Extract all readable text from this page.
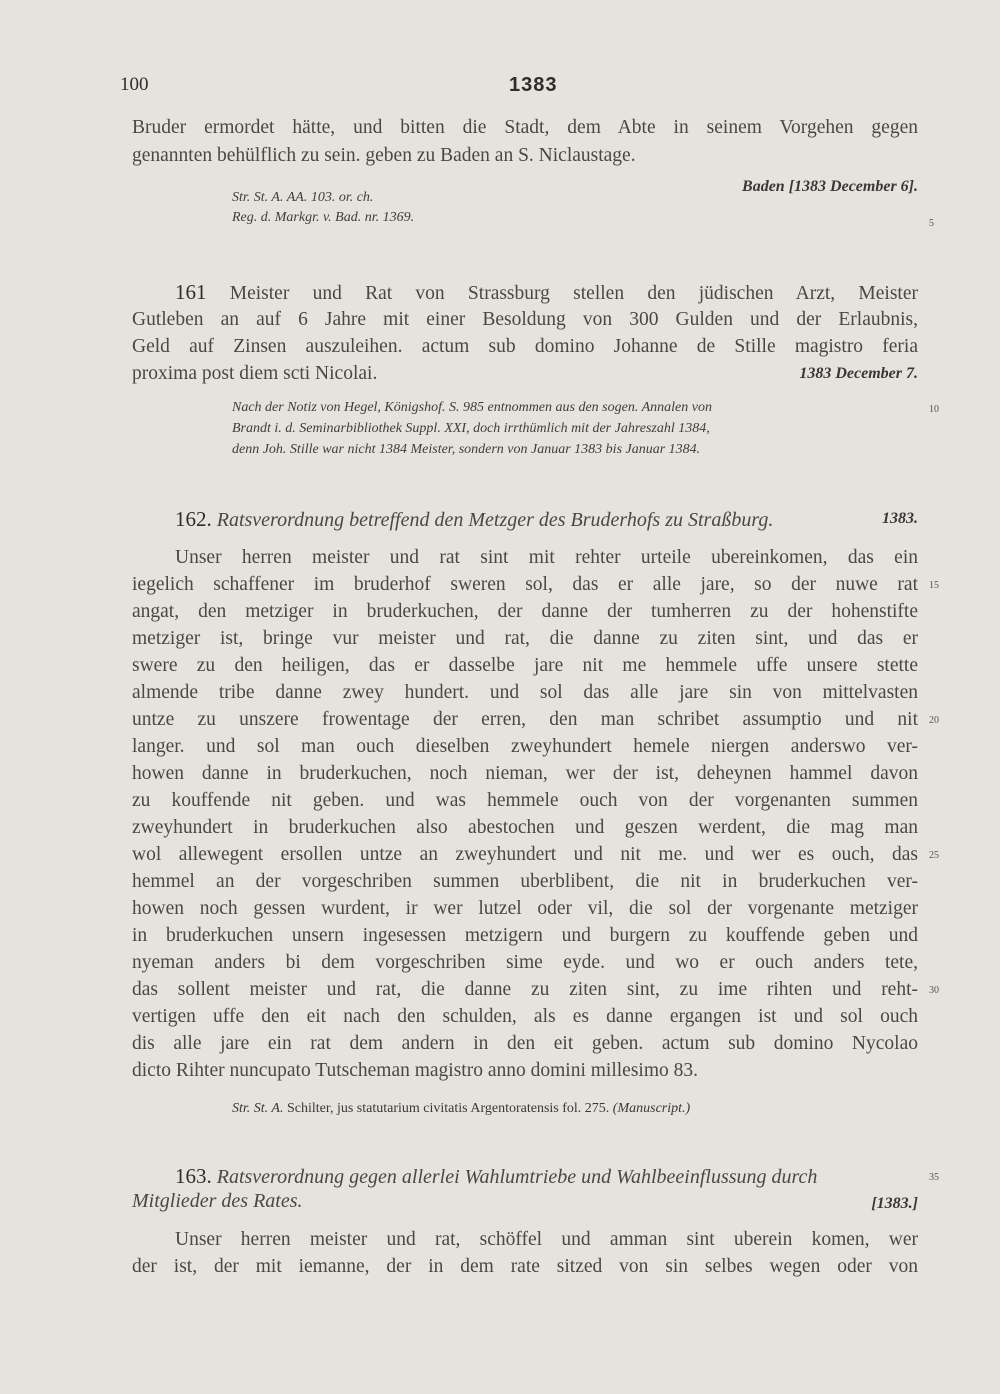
100	1383
Bruder ermordet hätte, und bitten die Stadt, dem Abte in seinem Vorgehen gegen
genannten behülflich zu sein. geben zu Baden an S. Niclaustage.
Baden [1383 December 6].
Str. St. A. AA. 103. or. ch.
Reg. d. Markgr. v. Bad. nr. 1369.	5
161 Meister und Rat von Strassburg stellen den jüdischen Arzt, Meister
Gutleben an auf 6 Jahre mit einer Besoldung von 300 Gulden und der Erlaubnis,
Geld auf Zinsen auszuleihen. actum sub domino Johanne de Stille magistro feria
proxima post diem scti Nicolai.	1383 December 7.
Nach der Notiz von Hegel, Königshof. S. 985 entnommen aus den sogen. Annalen von
Brandt i. d. Seminarbibliothek Suppl. XXI, doch irrthümlich mit der Jahreszahl 1384,
denn Joh. Stille war nicht 1384 Meister, sondern von Januar 1383 bis Januar 1384.
10
162. Ratsverordnung betreffend den Metzger des Bruderhofs zu Straßburg.	1383.
Unser herren meister und rat sint mit rehter urteile ubereinkomen, das ein
iegelich schaffener im bruderhof sweren sol, das er alle jare, so der nuwe rat
angat, den metziger in bruderkuchen, der danne der tumherren zu der hohenstifte
metziger ist, bringe vur meister und rat, die danne zu ziten sint, und das er
swere zu den heiligen, das er dasselbe jare nit me hemmele uffe unsere stette
almende tribe danne zwey hundert. und sol das alle jare sin von mittelvasten
untze zu unszere frowentage der erren, den man schribet assumptio und nit
langer. und sol man ouch dieselben zweyhundert hemele niergen anderswo ver-
howen danne in bruderkuchen, noch nieman, wer der ist, deheynen hammel davon
zu kouffende nit geben. und was hemmele ouch von der vorgenanten summen
zweyhundert in bruderkuchen also abestochen und geszen werdent, die mag man
wol allewegent ersollen untze an zweyhundert und nit me. und wer es ouch, das
hemmel an der vorgeschriben summen uberblibent, die nit in bruderkuchen ver-
howen noch gessen wurdent, ir wer lutzel oder vil, die sol der vorgenante metziger
in bruderkuchen unsern ingesessen metzigern und burgern zu kouffende geben und
nyeman anders bi dem vorgeschriben sime eyde. und wo er ouch anders tete,
das sollent meister und rat, die danne zu ziten sint, zu ime rihten und reht-
vertigen uffe den eit nach den schulden, als es danne ergangen ist und sol ouch
dis alle jare ein rat dem andern in den eit geben. actum sub domino Nycolao
dicto Rihter nuncupato Tutscheman magistro anno domini millesimo 83.
15
20
25
30
Str. St. A. Schilter, jus statutarium civitatis Argentoratensis fol. 275. (Manuscript.)
163. Ratsverordnung gegen allerlei Wahlumtriebe und Wahlbeeinflussung durch
Mitglieder des Rates.	[1383.]
35
Unser herren meister und rat, schöffel und amman sint uberein komen, wer
der ist, der mit iemanne, der in dem rate sitzed von sin selbes wegen oder von
